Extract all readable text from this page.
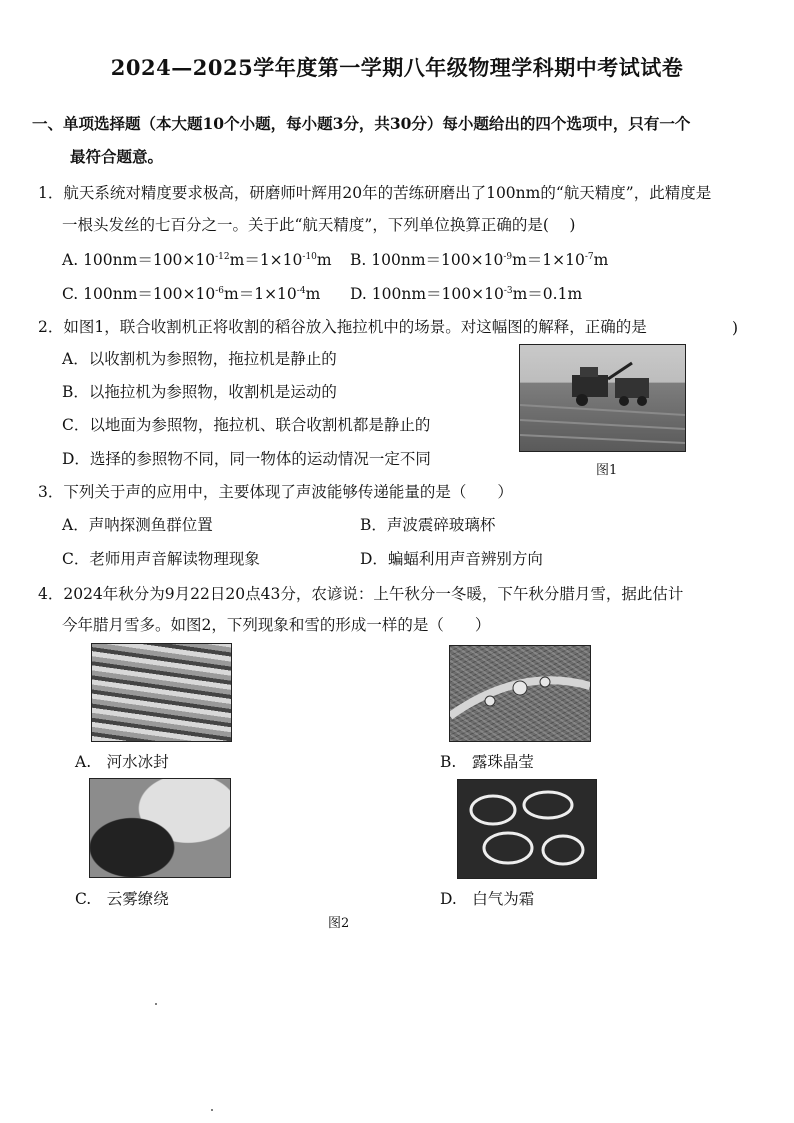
2024—2025学年度第一学期八年级物理学科期中考试试卷
一、单项选择题（本大题10个小题，每小题3分，共30分）每小题给出的四个选项中，只有一个
最符合题意。
1．航天系统对精度要求极高，研磨师叶辉用20年的苦练研磨出了100nm的“航天精度”，此精度是
一根头发丝的七百分之一。关于此“航天精度”，下列单位换算正确的是(　 )
A. $100nm=100\times 10^{-12}m=1\times 10^{-10}m$ B. $100nm=100\times 10^{-9}m=1\times 10^{-7}m$
C. $100nm=100\times 10^{-6}m=1\times 10^{-4}m$ D. $100nm=100\times 10^{-3}m=0.1m$
2．如图1，联合收割机正将收割的稻谷放入拖拉机中的场景。对这幅图的解释，正确的是	)
A．以收割机为参照物，拖拉机是静止的
B．以拖拉机为参照物，收割机是运动的
C．以地面为参照物，拖拉机、联合收割机都是静止的
D．选择的参照物不同，同一物体的运动情况一定不同
图1
3．下列关于声的应用中，主要体现了声波能够传递能量的是（　　）
A．声呐探测鱼群位置	B．声波震碎玻璃杯
C．老师用声音解读物理现象	D．蝙蝠利用声音辨别方向
4．2024年秋分为9月22日20点43分，农谚说：上午秋分一冬暖，下午秋分腊月雪，据此估计
今年腊月雪多。如图2，下列现象和雪的形成一样的是（　　）
A.　河水冰封	B.　露珠晶莹
C.　云雾缭绕	D.　白气为霜
图2
